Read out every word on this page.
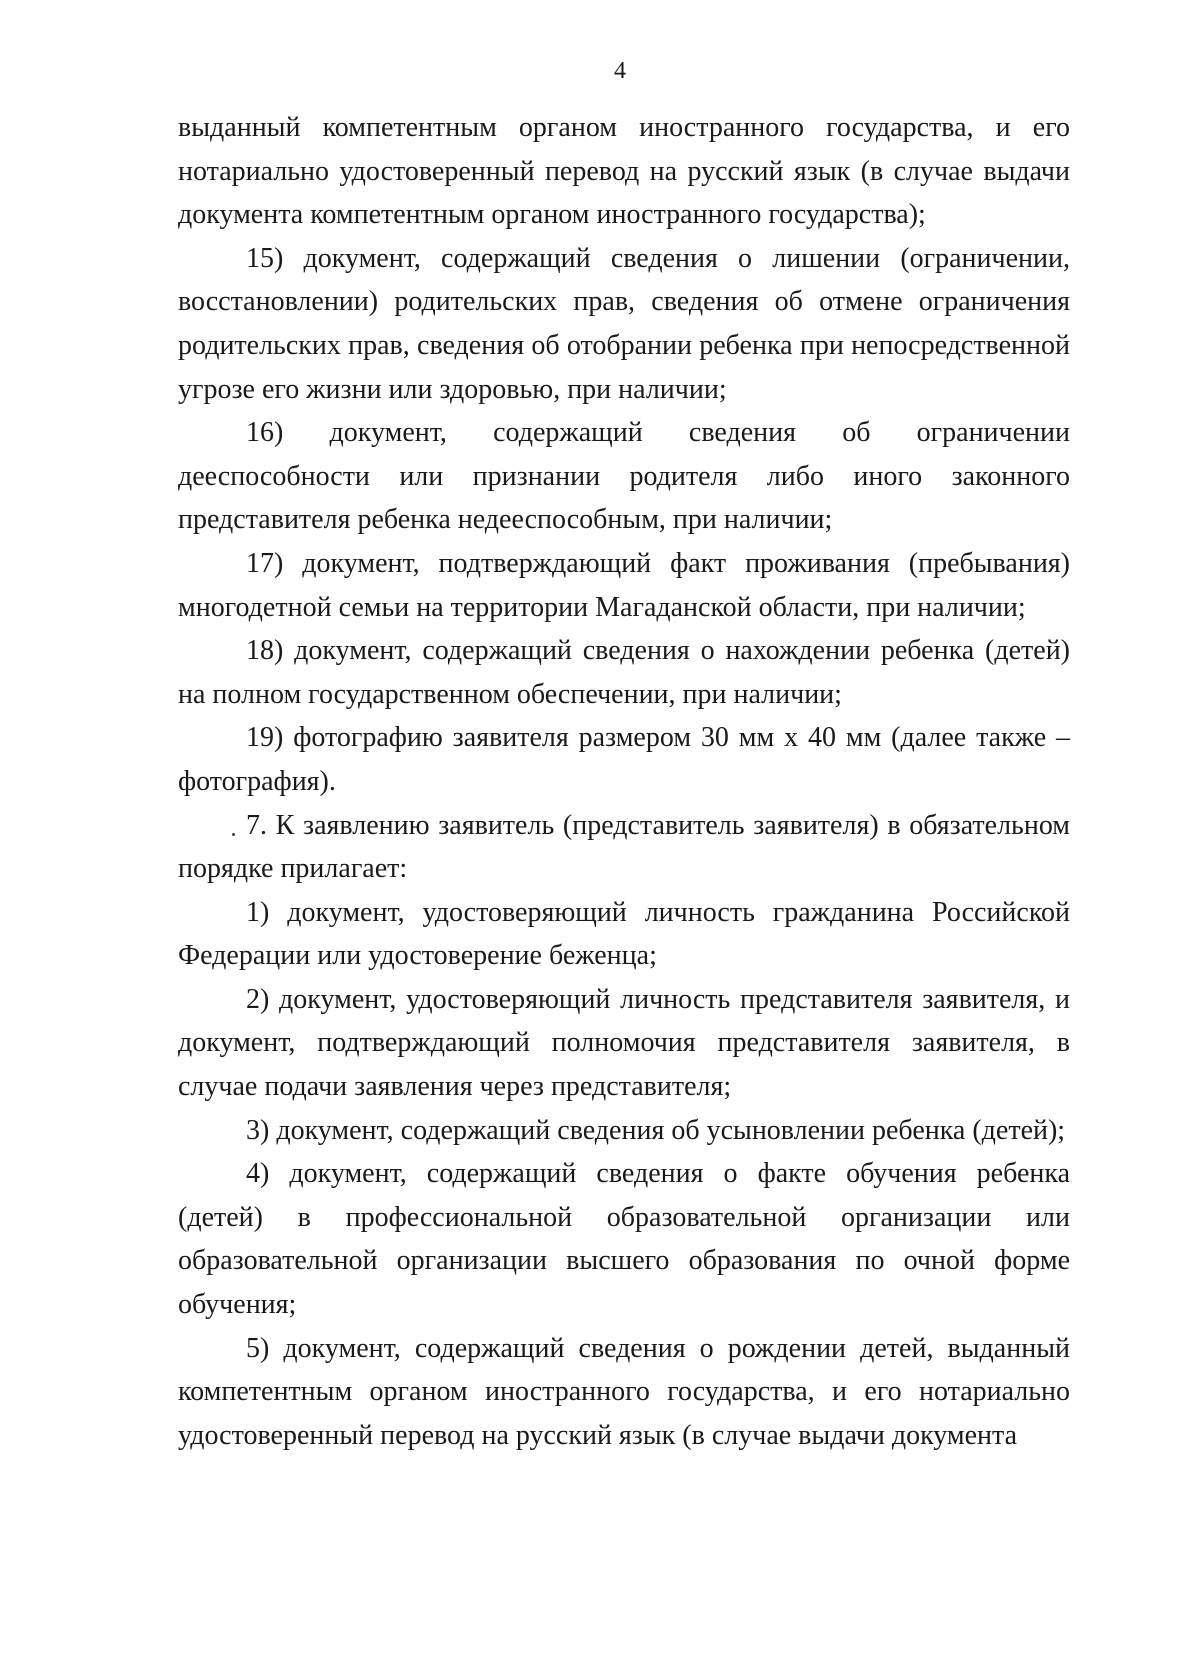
4

выданный компетентным органом иностранного государства, и его нотариально удостоверенный перевод на русский язык (в случае выдачи документа компетентным органом иностранного государства);

15) документ, содержащий сведения о лишении (ограничении, восстановлении) родительских прав, сведения об отмене ограничения родительских прав, сведения об отобрании ребенка при непосредственной угрозе его жизни или здоровью, при наличии;

16) документ, содержащий сведения об ограничении дееспособности или признании родителя либо иного законного представителя ребенка недееспособным, при наличии;

17) документ, подтверждающий факт проживания (пребывания) многодетной семьи на территории Магаданской области, при наличии;

18) документ, содержащий сведения о нахождении ребенка (детей) на полном государственном обеспечении, при наличии;

19) фотографию заявителя размером 30 мм х 40 мм (далее также – фотография).

7. К заявлению заявитель (представитель заявителя) в обязательном порядке прилагает:

1) документ, удостоверяющий личность гражданина Российской Федерации или удостоверение беженца;

2) документ, удостоверяющий личность представителя заявителя, и документ, подтверждающий полномочия представителя заявителя, в случае подачи заявления через представителя;

3) документ, содержащий сведения об усыновлении ребенка (детей);

4) документ, содержащий сведения о факте обучения ребенка (детей) в профессиональной образовательной организации или образовательной организации высшего образования по очной форме обучения;

5) документ, содержащий сведения о рождении детей, выданный компетентным органом иностранного государства, и его нотариально удостоверенный перевод на русский язык (в случае выдачи документа
